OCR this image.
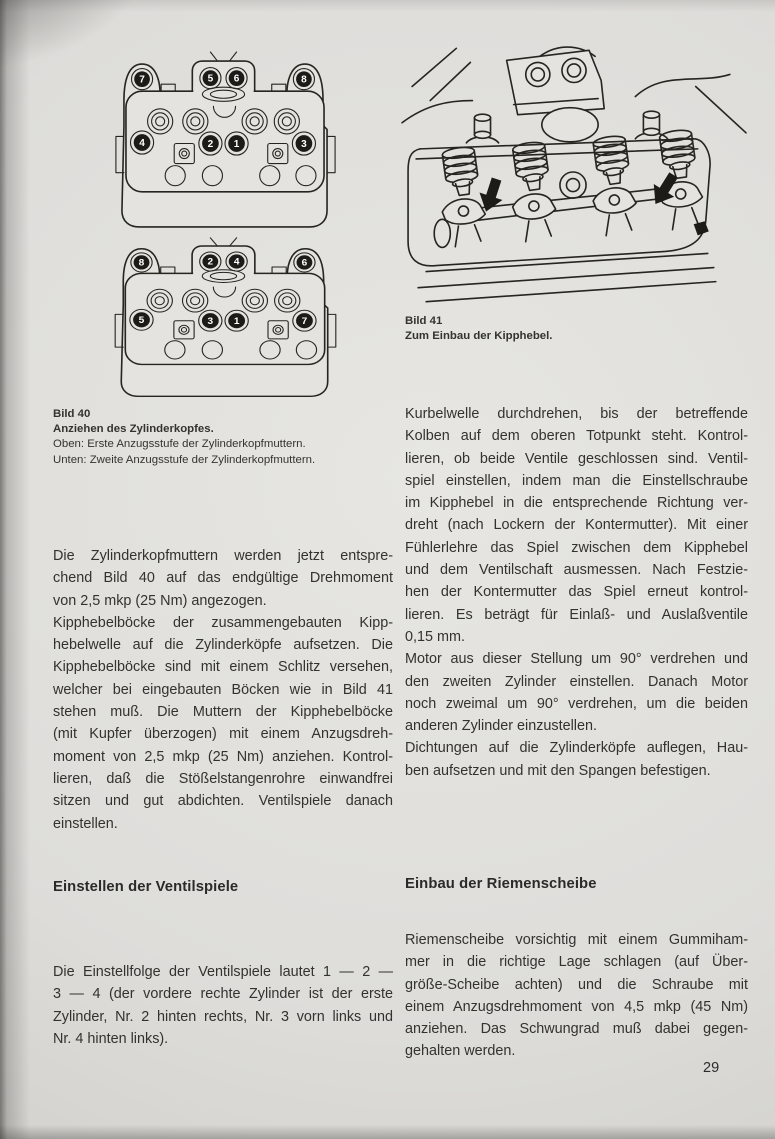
7	5 6	8
4	2 1	3
8	2 4	6
5	3 1	7
Bild 40
Anziehen des Zylinderkopfes.
Oben: Erste Anzugsstufe der Zylinderkopfmuttern.
Unten: Zweite Anzugsstufe der Zylinderkopfmuttern.
Bild 41
Zum Einbau der Kipphebel.
Die Zylinderkopfmuttern werden jetzt entspre-
chend Bild 40 auf das endgültige Drehmoment
von 2,5 mkp (25 Nm) angezogen.
Kipphebelböcke der zusammengebauten Kipp-
hebelwelle auf die Zylinderköpfe aufsetzen. Die
Kipphebelböcke sind mit einem Schlitz versehen,
welcher bei eingebauten Böcken wie in Bild 41
stehen muß. Die Muttern der Kipphebelböcke
(mit Kupfer überzogen) mit einem Anzugsdreh-
moment von 2,5 mkp (25 Nm) anziehen. Kontrol-
lieren, daß die Stößelstangenrohre einwandfrei
sitzen und gut abdichten. Ventilspiele danach
einstellen.
Einstellen der Ventilspiele
Die Einstellfolge der Ventilspiele lautet 1 — 2 —
3 — 4 (der vordere rechte Zylinder ist der erste
Zylinder, Nr. 2 hinten rechts, Nr. 3 vorn links und
Nr. 4 hinten links).
Kurbelwelle durchdrehen, bis der betreffende
Kolben auf dem oberen Totpunkt steht. Kontrol-
lieren, ob beide Ventile geschlossen sind. Ventil-
spiel einstellen, indem man die Einstellschraube
im Kipphebel in die entsprechende Richtung ver-
dreht (nach Lockern der Kontermutter). Mit einer
Fühlerlehre das Spiel zwischen dem Kipphebel
und dem Ventilschaft ausmessen. Nach Festzie-
hen der Kontermutter das Spiel erneut kontrol-
lieren. Es beträgt für Einlaß- und Auslaßventile
0,15 mm.
Motor aus dieser Stellung um 90° verdrehen und
den zweiten Zylinder einstellen. Danach Motor
noch zweimal um 90° verdrehen, um die beiden
anderen Zylinder einzustellen.
Dichtungen auf die Zylinderköpfe auflegen, Hau-
ben aufsetzen und mit den Spangen befestigen.
Einbau der Riemenscheibe
Riemenscheibe vorsichtig mit einem Gummiham-
mer in die richtige Lage schlagen (auf Über-
größe-Scheibe achten) und die Schraube mit
einem Anzugsdrehmoment von 4,5 mkp (45 Nm)
anziehen. Das Schwungrad muß dabei gegen-
gehalten werden.
29
